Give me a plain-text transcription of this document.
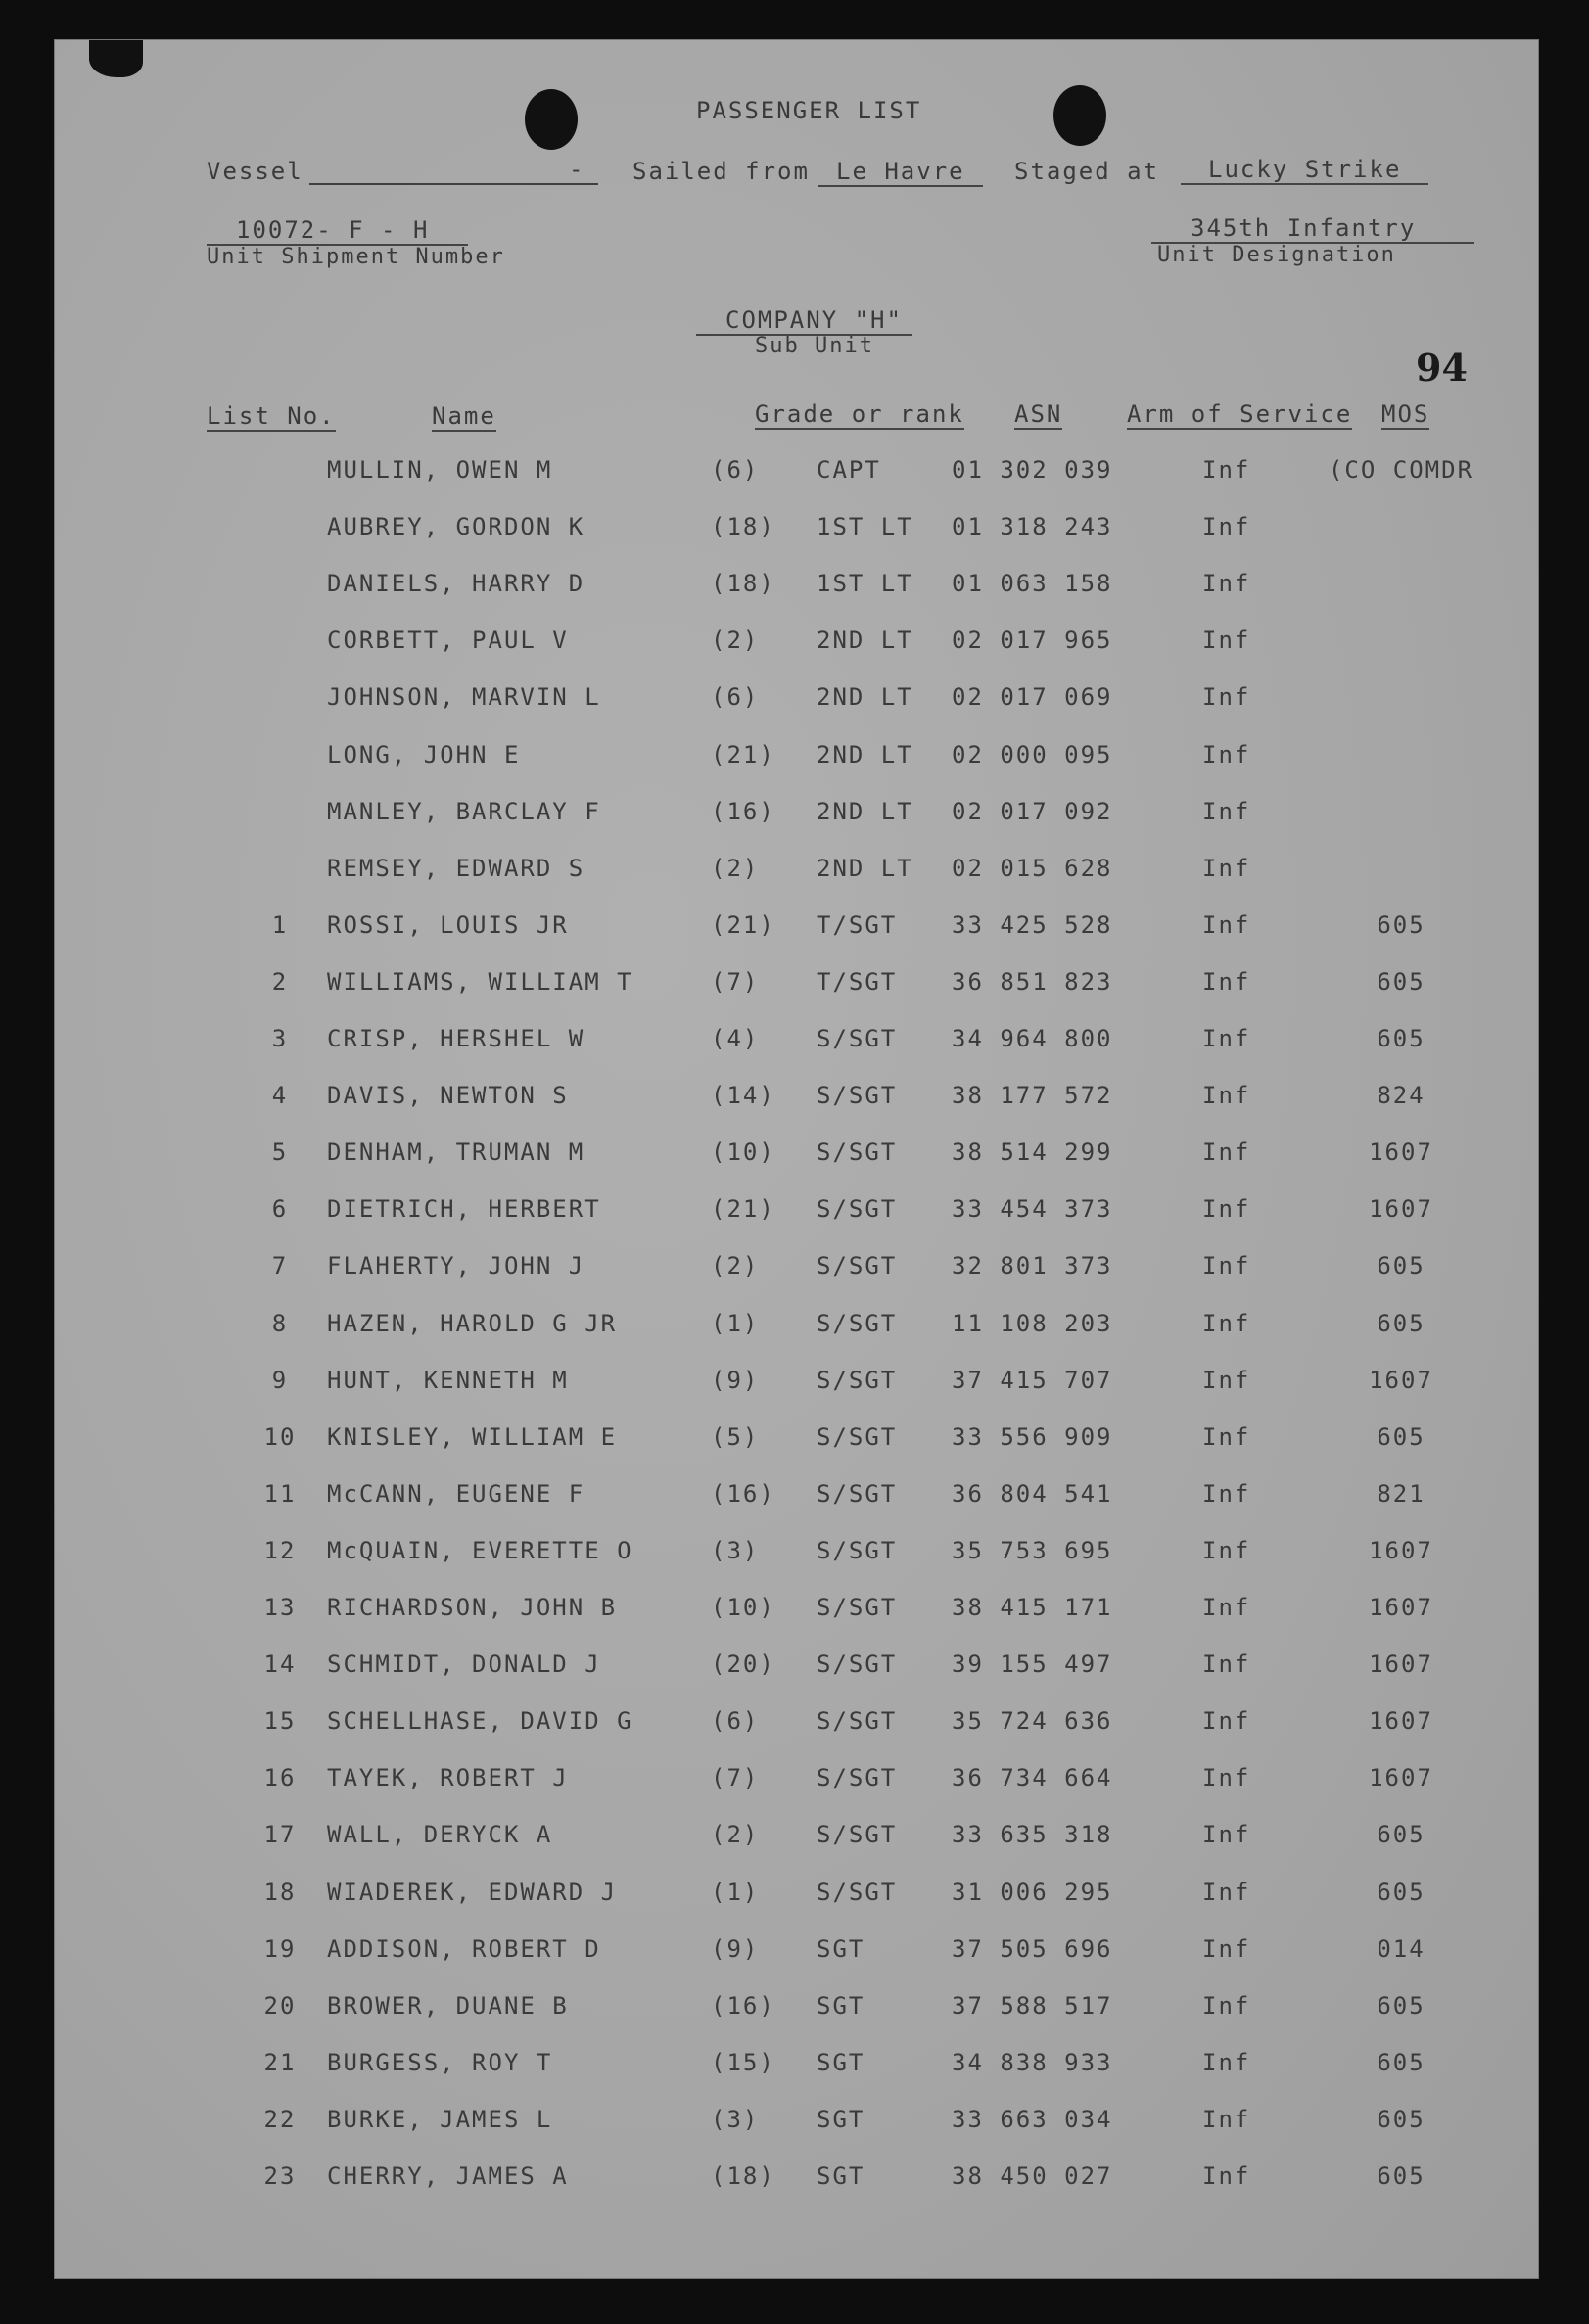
PASSENGER LIST
94
Vessel	- Sailed from	Le Havre	Staged at	Lucky Strike
10072- F - H
Unit Shipment Number
345th Infantry
Unit Designation
COMPANY "H"
Sub Unit
List No.	Name	Grade or rank ASN	Arm of Service MOS
MULLIN, OWEN M	(6) CAPT	01 302 039	Inf	(CO COMDR
AUBREY, GORDON K	(18) 1ST LT 01 318 243	Inf
DANIELS, HARRY D	(18) 1ST LT 01 063 158	Inf
CORBETT, PAUL V	(2) 2ND LT 02 017 965	Inf
JOHNSON, MARVIN L	(6) 2ND LT 02 017 069	Inf
LONG, JOHN E	(21) 2ND LT 02 000 095	Inf
MANLEY, BARCLAY F	(16) 2ND LT 02 017 092	Inf
REMSEY, EDWARD S	(2) 2ND LT 02 015 628	Inf
1	ROSSI, LOUIS JR	(21) T/SGT 33 425 528	Inf	605
2	WILLIAMS, WILLIAM T	(7) T/SGT 36 851 823	Inf	605
3	CRISP, HERSHEL W	(4) S/SGT 34 964 800	Inf	605
4	DAVIS, NEWTON S	(14) S/SGT 38 177 572	Inf	824
5	DENHAM, TRUMAN M	(10) S/SGT 38 514 299	Inf	1607
6	DIETRICH, HERBERT	(21) S/SGT 33 454 373	Inf	1607
7	FLAHERTY, JOHN J	(2) S/SGT 32 801 373	Inf	605
8	HAZEN, HAROLD G JR	(1) S/SGT 11 108 203	Inf	605
9	HUNT, KENNETH M	(9) S/SGT 37 415 707	Inf	1607
10	KNISLEY, WILLIAM E	(5) S/SGT 33 556 909	Inf	605
11	McCANN, EUGENE F	(16) S/SGT 36 804 541	Inf	821
12	McQUAIN, EVERETTE O	(3) S/SGT 35 753 695	Inf	1607
13	RICHARDSON, JOHN B	(10) S/SGT 38 415 171	Inf	1607
14	SCHMIDT, DONALD J	(20) S/SGT 39 155 497	Inf	1607
15	SCHELLHASE, DAVID G	(6) S/SGT 35 724 636	Inf	1607
16	TAYEK, ROBERT J	(7) S/SGT 36 734 664	Inf	1607
17	WALL, DERYCK A	(2) S/SGT 33 635 318	Inf	605
18	WIADEREK, EDWARD J	(1) S/SGT 31 006 295	Inf	605
19	ADDISON, ROBERT D	(9) SGT	37 505 696	Inf	014
20	BROWER, DUANE B	(16) SGT	37 588 517	Inf	605
21	BURGESS, ROY T	(15) SGT	34 838 933	Inf	605
22	BURKE, JAMES L	(3) SGT	33 663 034	Inf	605
23	CHERRY, JAMES A	(18) SGT	38 450 027	Inf	605
